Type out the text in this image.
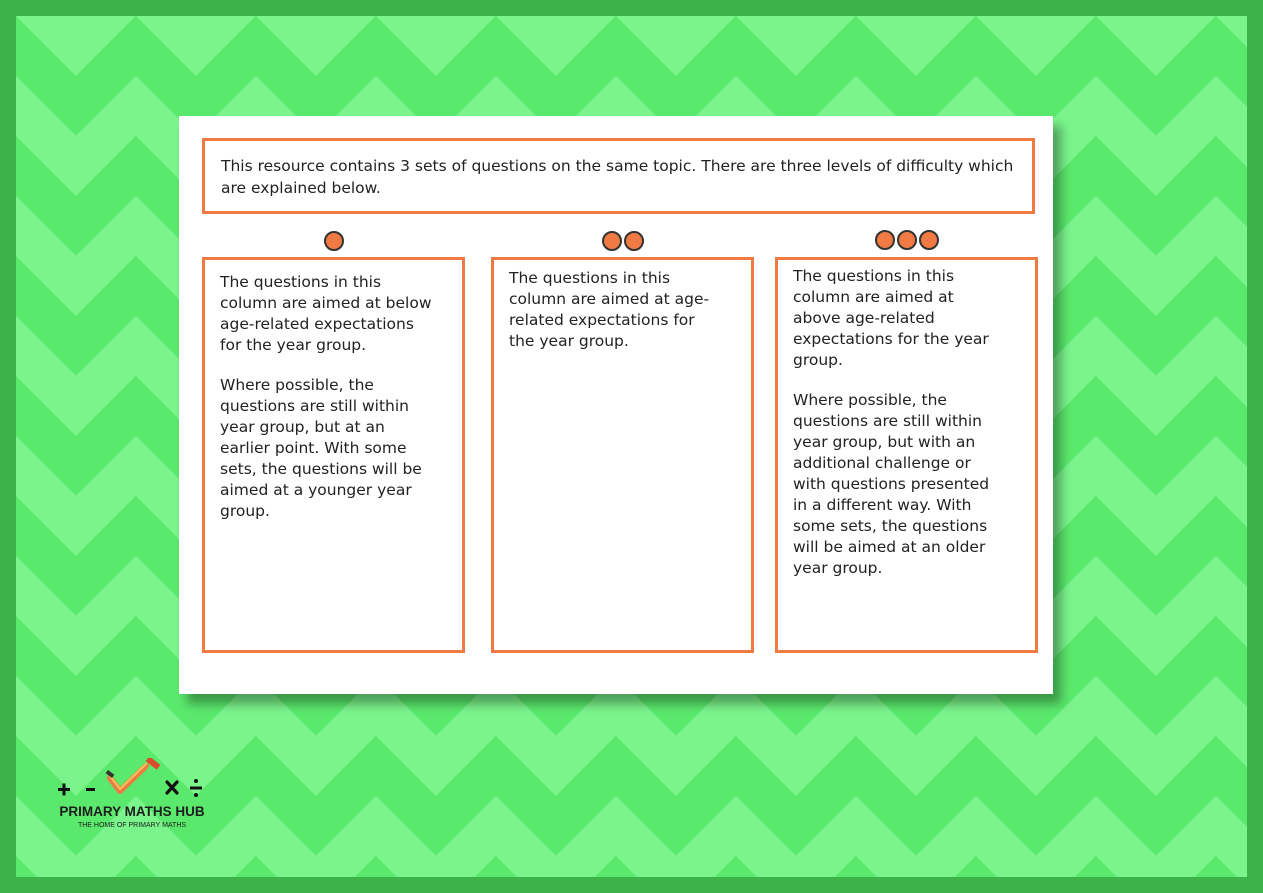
This resource contains 3 sets of questions on the same topic. There are three levels of difficulty which are explained below.

The questions in this
column are aimed at below
age-related expectations
for the year group.

Where possible, the
questions are still within
year group, but at an
earlier point. With some
sets, the questions will be
aimed at a younger year
group.

The questions in this
column are aimed at age-
related expectations for
the year group.

The questions in this
column are aimed at
above age-related
expectations for the year
group.

Where possible, the
questions are still within
year group, but with an
additional challenge or
with questions presented
in a different way. With
some sets, the questions
will be aimed at an older
year group.

PRIMARY MATHS HUB
THE HOME OF PRIMARY MATHS
